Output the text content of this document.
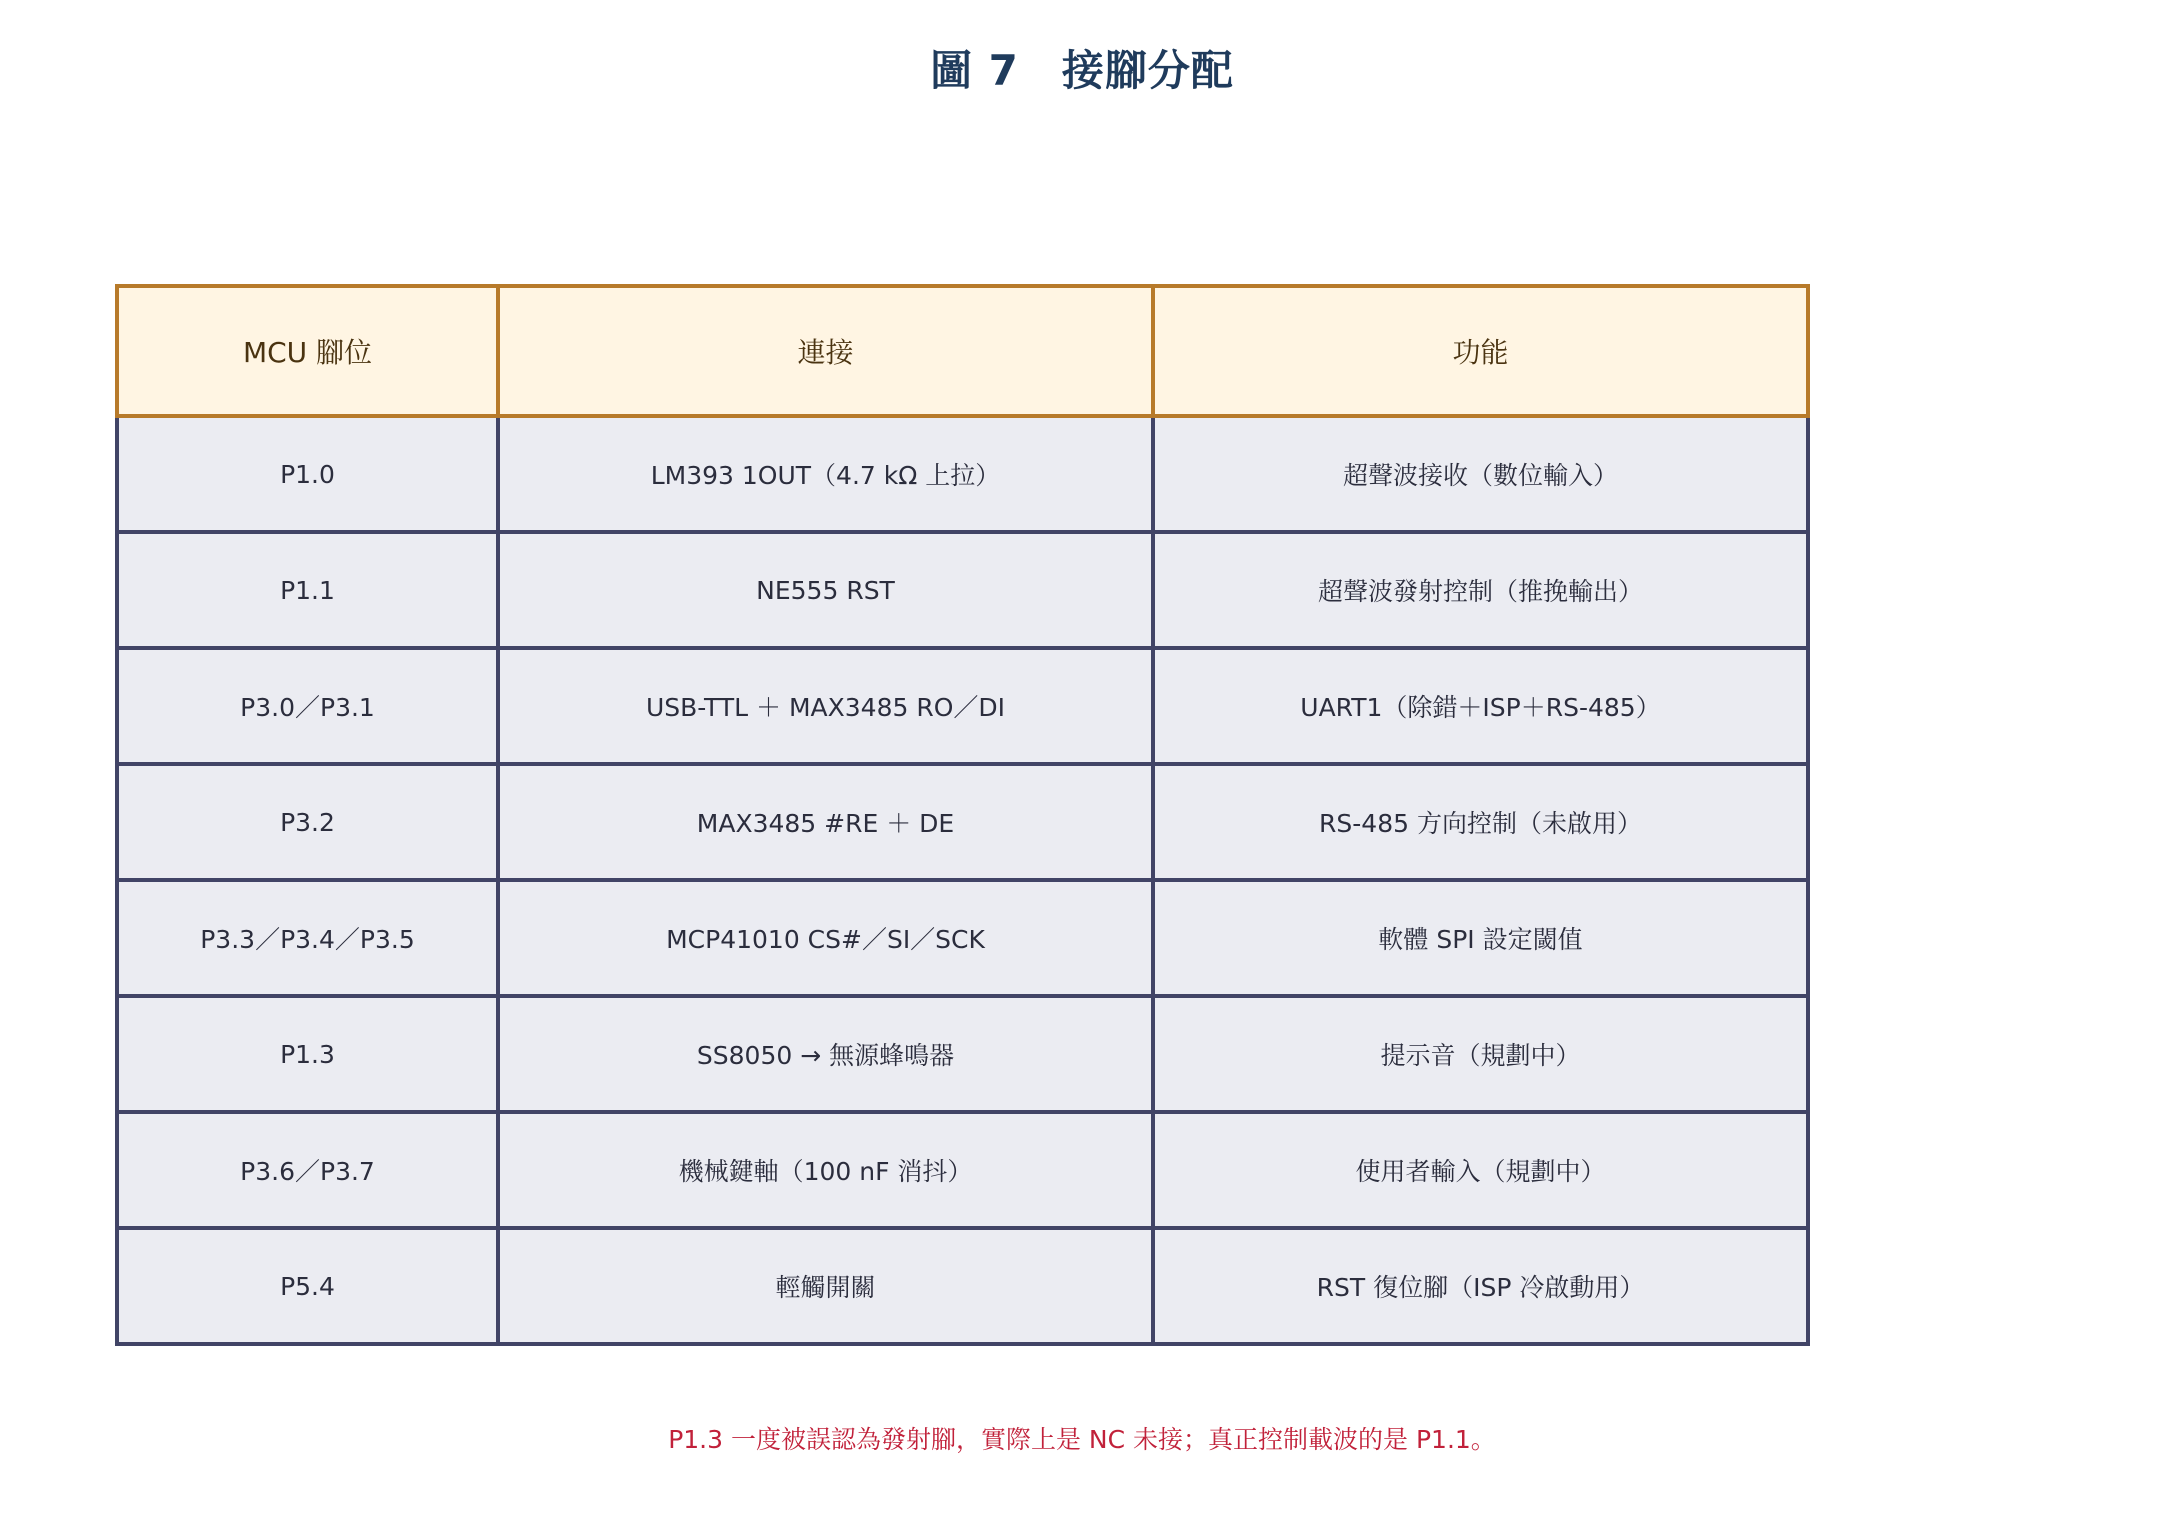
圖 7　接腳分配
MCU 腳位	連接	功能
P1.0	LM393 1OUT（4.7 kΩ 上拉）	超聲波接收（數位輸入）
P1.1	NE555 RST	超聲波發射控制（推挽輸出）
P3.0／P3.1	USB-TTL ＋ MAX3485 RO／DI	UART1（除錯＋ISP＋RS-485）
P3.2	MAX3485 #RE ＋ DE	RS-485 方向控制（未啟用）
P3.3／P3.4／P3.5	MCP41010 CS#／SI／SCK	軟體 SPI 設定閾值
P1.3	SS8050 → 無源蜂鳴器	提示音（規劃中）
P3.6／P3.7	機械鍵軸（100 nF 消抖）	使用者輸入（規劃中）
P5.4	輕觸開關	RST 復位腳（ISP 冷啟動用）
P1.3 一度被誤認為發射腳，實際上是 NC 未接；真正控制載波的是 P1.1。
